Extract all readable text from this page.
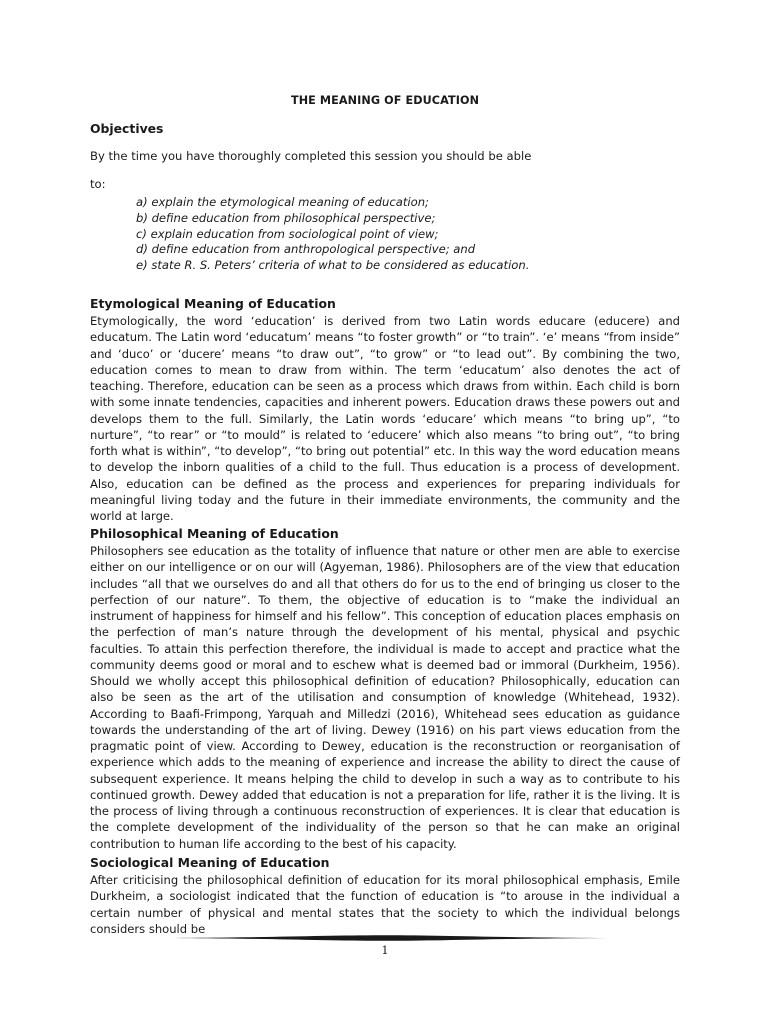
THE MEANING OF EDUCATION
Objectives
By the time you have thoroughly completed this session you should be able
to:
a) explain the etymological meaning of education;
b) define education from philosophical perspective;
c) explain education from sociological point of view;
d) define education from anthropological perspective; and
e) state R. S. Peters’ criteria of what to be considered as education.
Etymological Meaning of Education

Etymologically, the word ‘education’ is derived from two Latin words educare (educere) and educatum. The Latin word ‘educatum’ means “to foster growth” or “to train”. ‘e’ means “from inside” and ‘duco’ or ‘ducere’ means “to draw out”, “to grow” or “to lead out”. By combining the two, education comes to mean to draw from within. The term ‘educatum’ also denotes the act of teaching. Therefore, education can be seen as a process which draws from within. Each child is born with some innate tendencies, capacities and inherent powers. Education draws these powers out and develops them to the full. Similarly, the Latin words ‘educare’ which means “to bring up”, “to nurture”, “to rear” or “to mould” is related to ‘educere’ which also means “to bring out”, “to bring forth what is within”, “to develop”, “to bring out potential” etc. In this way the word education means to develop the inborn qualities of a child to the full. Thus education is a process of development. Also, education can be defined as the process and experiences for preparing individuals for meaningful living today and the future in their immediate environments, the community and the world at large.

Philosophical Meaning of Education

Philosophers see education as the totality of influence that nature or other men are able to exercise either on our intelligence or on our will (Agyeman, 1986). Philosophers are of the view that education includes “all that we ourselves do and all that others do for us to the end of bringing us closer to the perfection of our nature”. To them, the objective of education is to “make the individual an instrument of happiness for himself and his fellow”. This conception of education places emphasis on the perfection of man’s nature through the development of his mental, physical and psychic faculties. To attain this perfection therefore, the individual is made to accept and practice what the community deems good or moral and to eschew what is deemed bad or immoral (Durkheim, 1956). Should we wholly accept this philosophical definition of education? Philosophically, education can also be seen as the art of the utilisation and consumption of knowledge (Whitehead, 1932). According to Baafi-Frimpong, Yarquah and Milledzi (2016), Whitehead sees education as guidance towards the understanding of the art of living. Dewey (1916) on his part views education from the pragmatic point of view. According to Dewey, education is the reconstruction or reorganisation of experience which adds to the meaning of experience and increase the ability to direct the cause of subsequent experience. It means helping the child to develop in such a way as to contribute to his continued growth. Dewey added that education is not a preparation for life, rather it is the living. It is the process of living through a continuous reconstruction of experiences. It is clear that education is the complete development of the individuality of the person so that he can make an original contribution to human life according to the best of his capacity.

Sociological Meaning of Education

After criticising the philosophical definition of education for its moral philosophical emphasis, Emile Durkheim, a sociologist indicated that the function of education is “to arouse in the individual a certain number of physical and mental states that the society to which the individual belongs considers should be

1
